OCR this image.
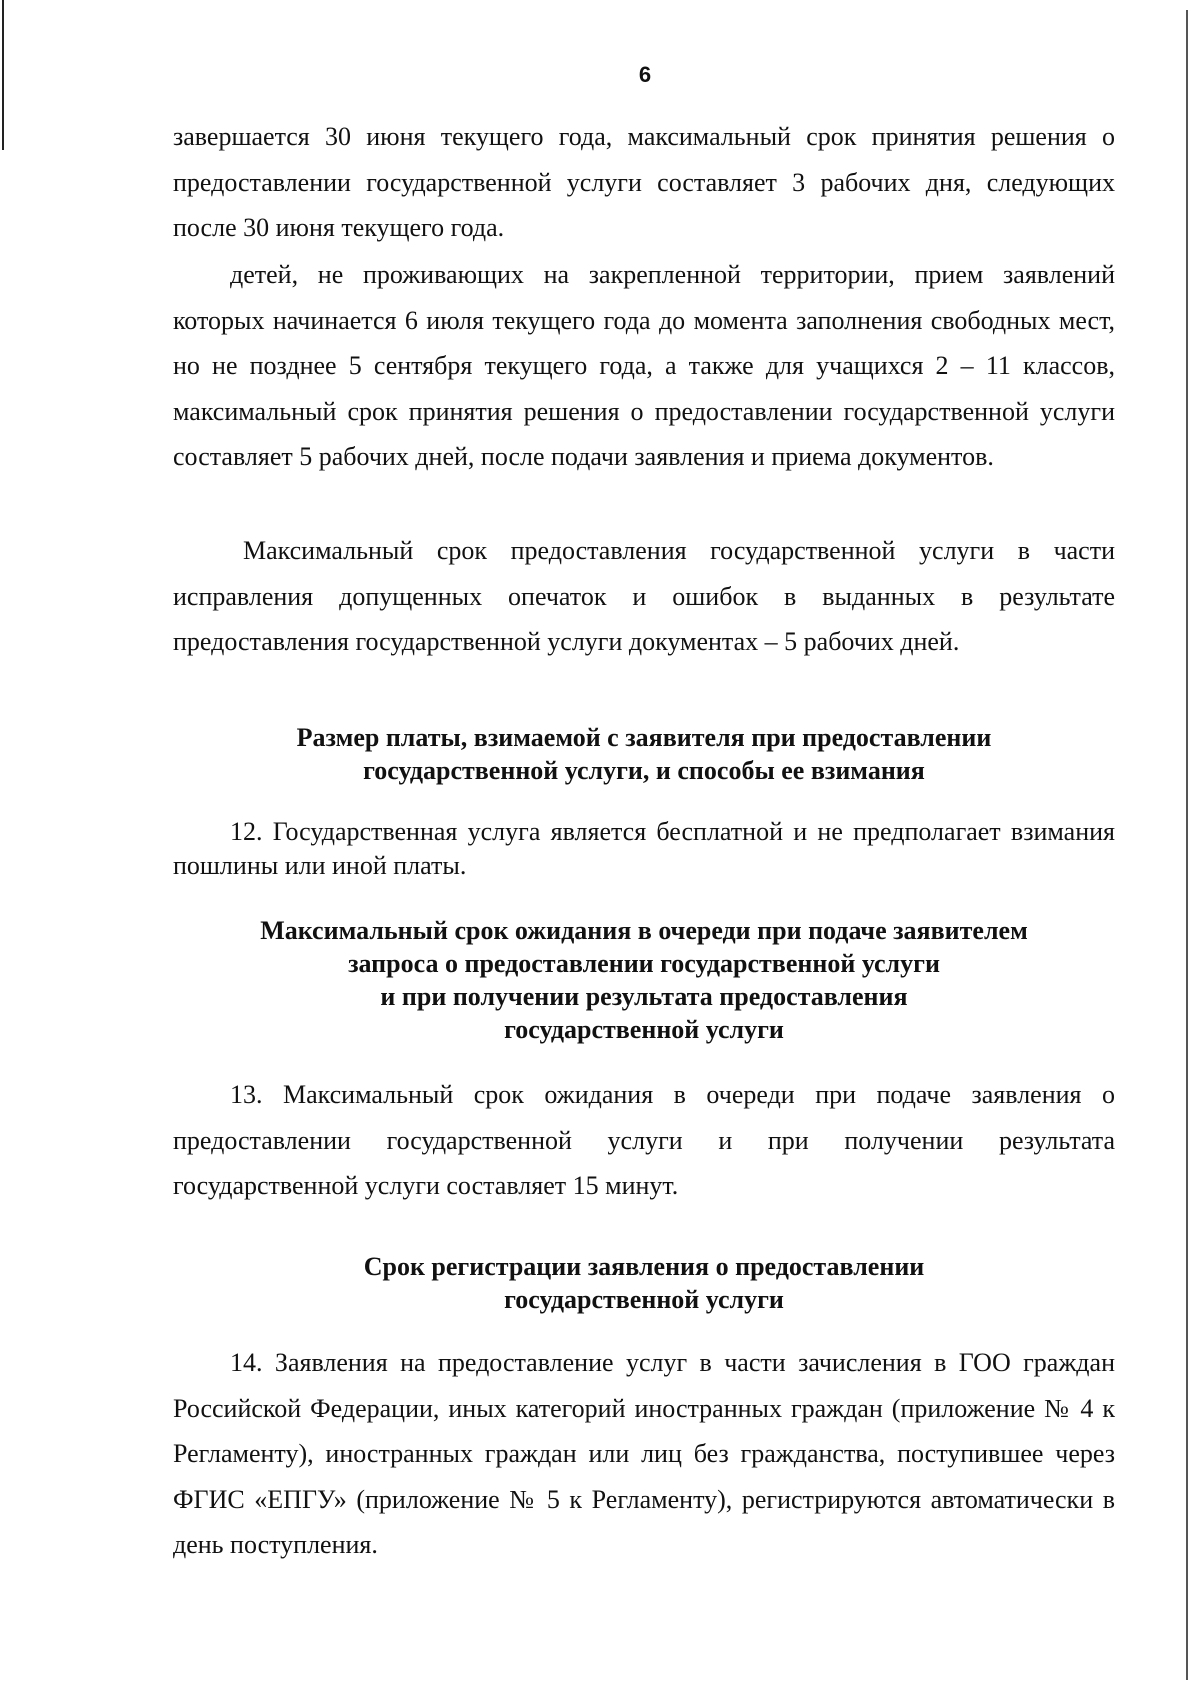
6

завершается 30 июня текущего года, максимальный срок принятия решения о предоставлении государственной услуги составляет 3 рабочих дня, следующих после 30 июня текущего года.

детей, не проживающих на закрепленной территории, прием заявлений которых начинается 6 июля текущего года до момента заполнения свободных мест, но не позднее 5 сентября текущего года, а также для учащихся 2 – 11 классов, максимальный срок принятия решения о предоставлении государственной услуги составляет 5 рабочих дней, после подачи заявления и приема документов.

Максимальный срок предоставления государственной услуги в части исправления допущенных опечаток и ошибок в выданных в результате предоставления государственной услуги документах – 5 рабочих дней.

Размер платы, взимаемой с заявителя при предоставлении
государственной услуги, и способы ее взимания

12. Государственная услуга является бесплатной и не предполагает взимания пошлины или иной платы.

Максимальный срок ожидания в очереди при подаче заявителем
запроса о предоставлении государственной услуги
и при получении результата предоставления
государственной услуги

13. Максимальный срок ожидания в очереди при подаче заявления о предоставлении государственной услуги и при получении результата государственной услуги составляет 15 минут.

Срок регистрации заявления о предоставлении
государственной услуги

14. Заявления на предоставление услуг в части зачисления в ГОО граждан Российской Федерации, иных категорий иностранных граждан (приложение № 4 к Регламенту), иностранных граждан или лиц без гражданства, поступившее через ФГИС «ЕПГУ» (приложение № 5 к Регламенту), регистрируются автоматически в день поступления.
